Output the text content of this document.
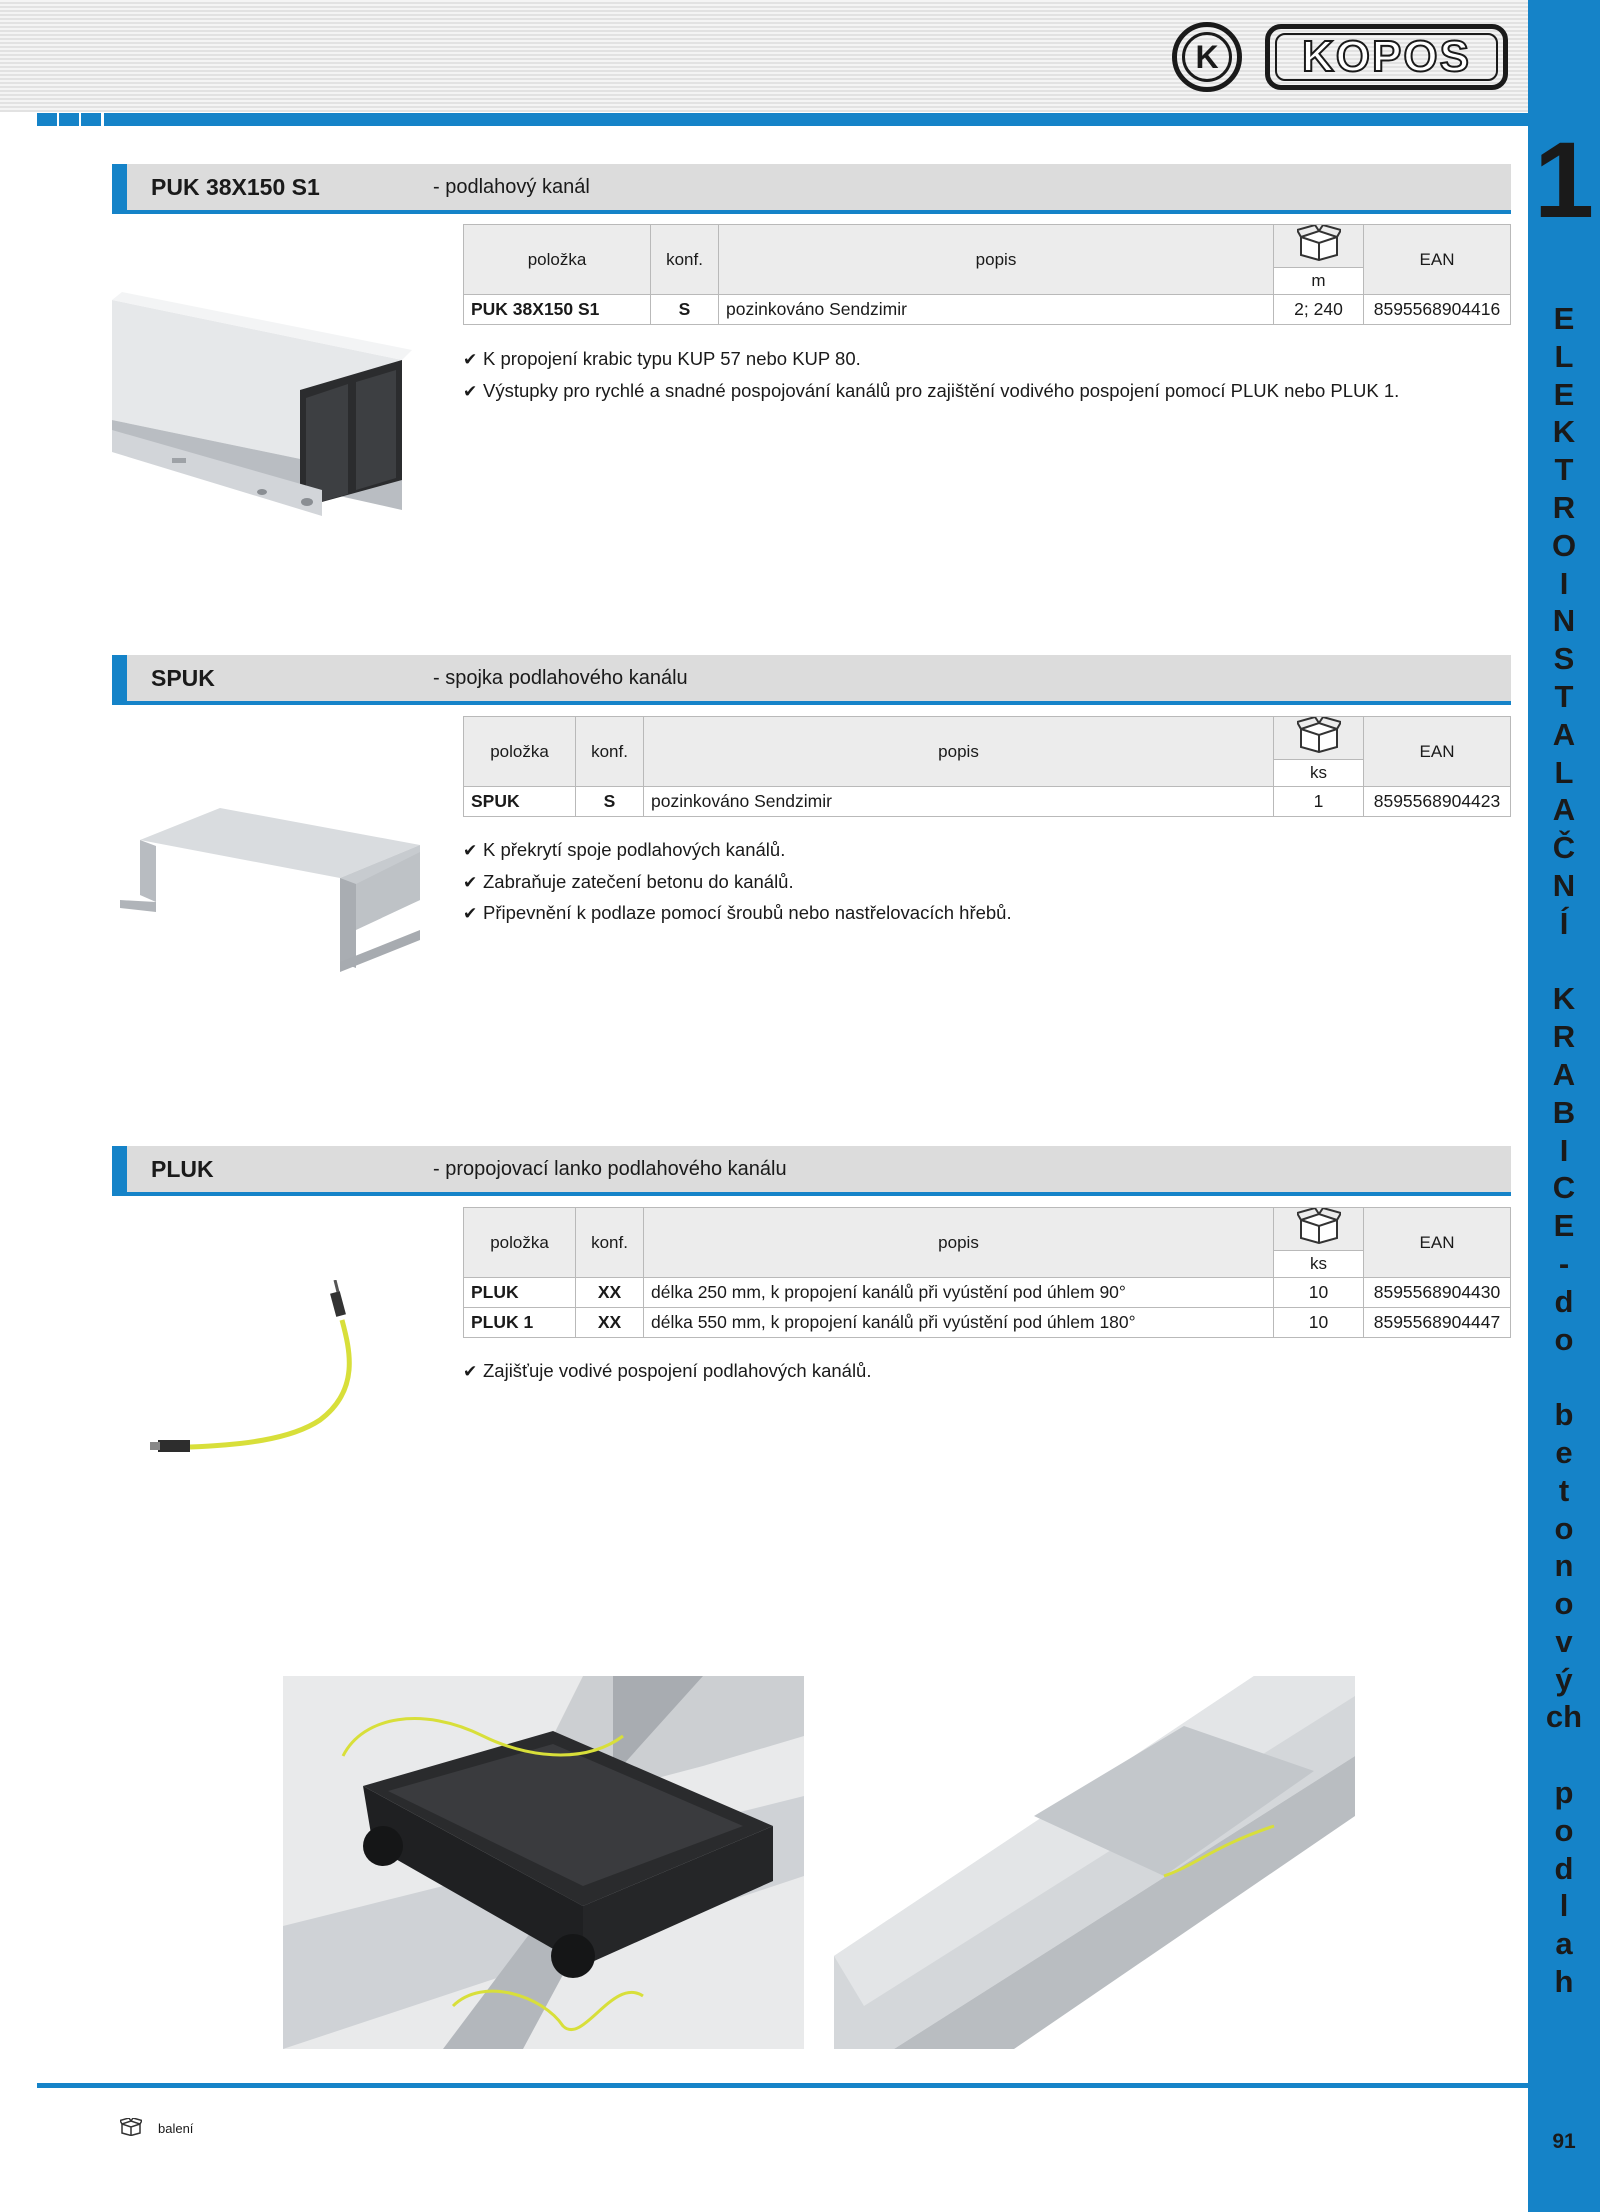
K	KOPOS
1
E
L
E
K
T
R
O
I
N
S
T
A
L
A
Č
N
Í

K
R
A
B
I
C
E
-
d
o

b
e
t
o
n
o
v
ý
ch

p
o
d
l
a
h
91
PUK 38X150 S1	- podlahový kanál
položka	konf.	popis		EAN
			m	
PUK 38X150 S1	S	pozinkováno Sendzimir	2; 240	8595568904416
✔ K propojení krabic typu KUP 57 nebo KUP 80.
✔ Výstupky pro rychlé a snadné pospojování kanálů pro zajištění vodivého pospojení pomocí PLUK nebo PLUK 1.
SPUK	- spojka podlahového kanálu
položka	konf.	popis		EAN
			ks	
SPUK	S	pozinkováno Sendzimir	1	8595568904423
✔ K překrytí spoje podlahových kanálů.
✔ Zabraňuje zatečení betonu do kanálů.
✔ Připevnění k podlaze pomocí šroubů nebo nastřelovacích hřebů.
PLUK	- propojovací lanko podlahového kanálu
položka	konf.	popis		EAN
			ks	
PLUK	XX	délka 250 mm, k propojení kanálů při vyústění pod úhlem 90°	10	8595568904430
PLUK 1	XX	délka 550 mm, k propojení kanálů při vyústění pod úhlem 180°	10	8595568904447
✔ Zajišťuje vodivé pospojení podlahových kanálů.
balení
